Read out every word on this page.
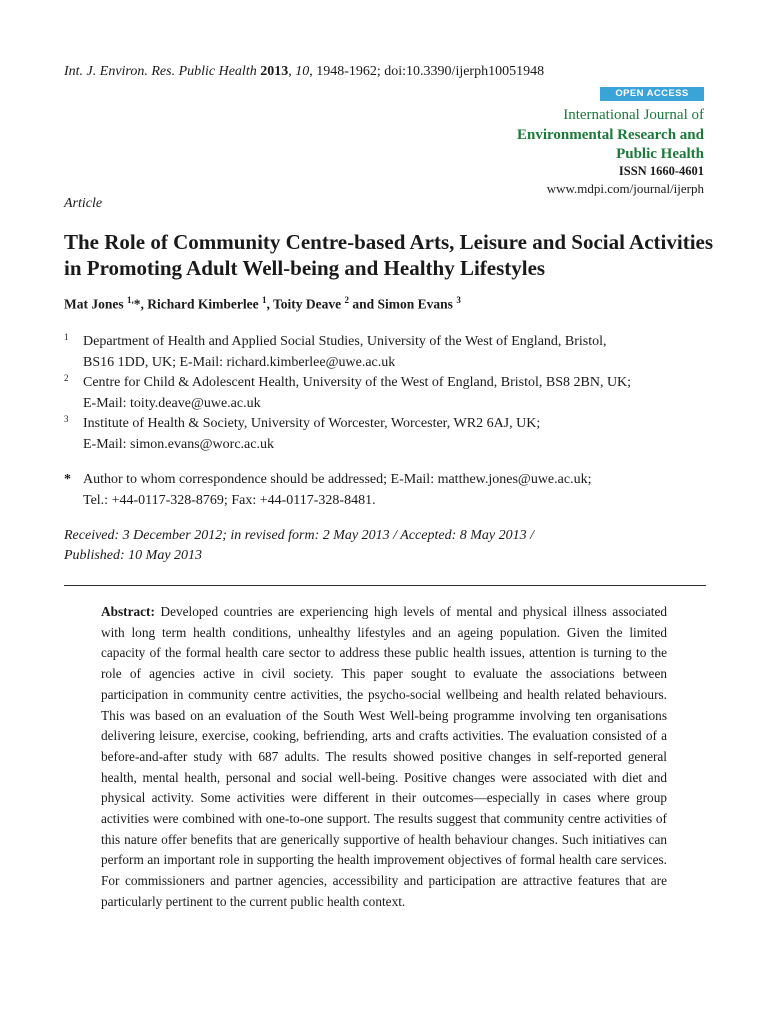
Int. J. Environ. Res. Public Health 2013, 10, 1948-1962; doi:10.3390/ijerph10051948
OPEN ACCESS
International Journal of
Environmental Research and
Public Health
ISSN 1660-4601
www.mdpi.com/journal/ijerph
Article
The Role of Community Centre-based Arts, Leisure and Social Activities in Promoting Adult Well-being and Healthy Lifestyles
Mat Jones $^{1,}$*, Richard Kimberlee $^1$, Toity Deave $^2$ and Simon Evans $^3$
1 Department of Health and Applied Social Studies, University of the West of England, Bristol,
BS16 1DD, UK; E-Mail: richard.kimberlee@uwe.ac.uk
2 Centre for Child & Adolescent Health, University of the West of England, Bristol, BS8 2BN, UK;
E-Mail: toity.deave@uwe.ac.uk
3 Institute of Health & Society, University of Worcester, Worcester, WR2 6AJ, UK;
E-Mail: simon.evans@worc.ac.uk
* Author to whom correspondence should be addressed; E-Mail: matthew.jones@uwe.ac.uk;
Tel.: +44-0117-328-8769; Fax: +44-0117-328-8481.
Received: 3 December 2012; in revised form: 2 May 2013 / Accepted: 8 May 2013 /
Published: 10 May 2013

Abstract: Developed countries are experiencing high levels of mental and physical illness associated with long term health conditions, unhealthy lifestyles and an ageing population. Given the limited capacity of the formal health care sector to address these public health issues, attention is turning to the role of agencies active in civil society. This paper sought to evaluate the associations between participation in community centre activities, the psycho-social wellbeing and health related behaviours. This was based on an evaluation of the South West Well-being programme involving ten organisations delivering leisure, exercise, cooking, befriending, arts and crafts activities. The evaluation consisted of a before-and-after study with 687 adults. The results showed positive changes in self-reported general health, mental health, personal and social well-being. Positive changes were associated with diet and physical activity. Some activities were different in their outcomes—especially in cases where group activities were combined with one-to-one support. The results suggest that community centre activities of this nature offer benefits that are generically supportive of health behaviour changes. Such initiatives can perform an important role in supporting the health improvement objectives of formal health care services. For commissioners and partner agencies, accessibility and participation are attractive features that are particularly pertinent to the current public health context.
